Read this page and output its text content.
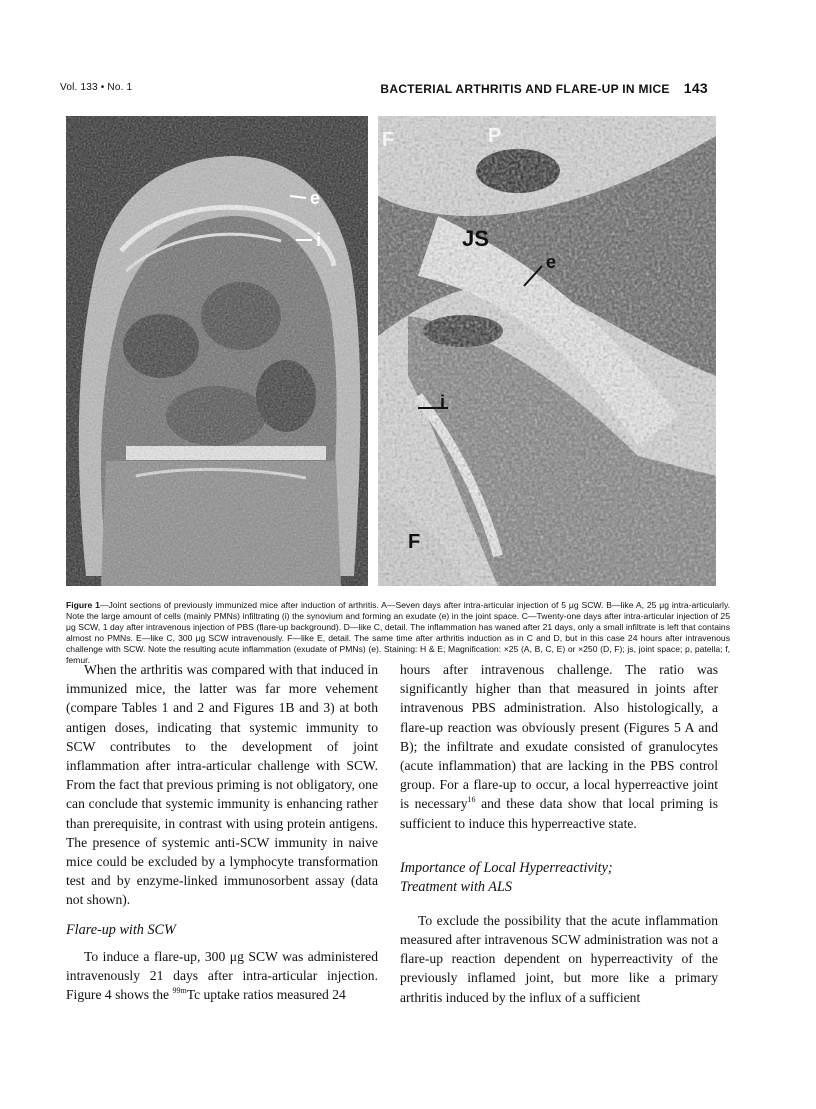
Vol. 133 • No. 1	BACTERIAL ARTHRITIS AND FLARE-UP IN MICE 143
E
e
i
F	P
JS
e
i
F
Figure 1—Joint sections of previously immunized mice after induction of arthritis. A—Seven days after intra-articular injection of 5 μg SCW. B—like A, 25 μg intra-articularly. Note the large amount of cells (mainly PMNs) infiltrating (i) the synovium and forming an exudate (e) in the joint space. C—Twenty-one days after intra-articular injection of 25 μg SCW, 1 day after intravenous injection of PBS (flare-up background). D—like C, detail. The inflammation has waned after 21 days, only a small infiltrate is left that contains almost no PMNs. E—like C, 300 μg SCW intravenously. F—like E, detail. The same time after arthritis induction as in C and D, but in this case 24 hours after intravenous challenge with SCW. Note the resulting acute inflammation (exudate of PMNs) (e). Staining: H & E; Magnification: ×25 (A, B, C, E) or ×250 (D, F); js, joint space; p, patella; f, femur.

When the arthritis was compared with that induced in immunized mice, the latter was far more vehement (compare Tables 1 and 2 and Figures 1B and 3) at both antigen doses, indicating that systemic immunity to SCW contributes to the development of joint inflammation after intra-articular challenge with SCW. From the fact that previous priming is not obligatory, one can conclude that systemic immunity is enhancing rather than prerequisite, in contrast with using protein antigens. The presence of systemic anti-SCW immunity in naive mice could be excluded by a lymphocyte transformation test and by enzyme-linked immunosorbent assay (data not shown).

Flare-up with SCW

To induce a flare-up, 300 μg SCW was administered intravenously 21 days after intra-articular injection. Figure 4 shows the $^{99m}$Tc uptake ratios measured 24

hours after intravenous challenge. The ratio was significantly higher than that measured in joints after intravenous PBS administration. Also histologically, a flare-up reaction was obviously present (Figures 5 A and B); the infiltrate and exudate consisted of granulocytes (acute inflammation) that are lacking in the PBS control group. For a flare-up to occur, a local hyperreactive joint is necessary$^{16}$ and these data show that local priming is sufficient to induce this hyperreactive state.

Importance of Local Hyperreactivity;

Treatment with ALS

To exclude the possibility that the acute inflammation measured after intravenous SCW administration was not a flare-up reaction dependent on hyperreactivity of the previously inflamed joint, but more like a primary arthritis induced by the influx of a sufficient
